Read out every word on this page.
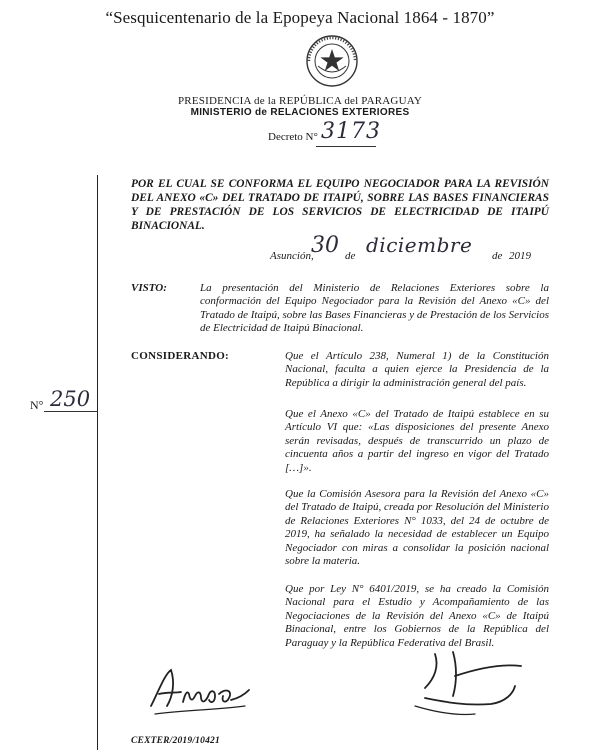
“Sesquicentenario de la Epopeya Nacional 1864 - 1870”
PRESIDENCIA de la REPÚBLICA del PARAGUAY
MINISTERIO de RELACIONES EXTERIORES
Decreto N° 3173
POR EL CUAL SE CONFORMA EL EQUIPO NEGOCIADOR PARA LA REVISIÓN DEL ANEXO «C» DEL TRATADO DE ITAIPÚ, SOBRE LAS BASES FINANCIERAS Y DE PRESTACIÓN DE LOS SERVICIOS DE ELECTRICIDAD DE ITAIPÚ BINACIONAL.
Asunción,
30 de diciembre de 2019
VISTO:	La presentación del Ministerio de Relaciones Exteriores sobre la conformación del Equipo Negociador para la Revisión del Anexo «C» del Tratado de Itaipú, sobre las Bases Financieras y de Prestación de los Servicios de Electricidad de Itaipú Binacional.
CONSIDERANDO:	Que el Artículo 238, Numeral 1) de la Constitución Nacional, faculta a quien ejerce la Presidencia de la República a dirigir la administración general del país.
Que el Anexo «C» del Tratado de Itaipú establece en su Artículo VI que: «Las disposiciones del presente Anexo serán revisadas, después de transcurrido un plazo de cincuenta años a partir del ingreso en vigor del Tratado […]».
Que la Comisión Asesora para la Revisión del Anexo «C» del Tratado de Itaipú, creada por Resolución del Ministerio de Relaciones Exteriores N° 1033, del 24 de octubre de 2019, ha señalado la necesidad de establecer un Equipo Negociador con miras a consolidar la posición nacional sobre la materia.
Que por Ley N° 6401/2019, se ha creado la Comisión Nacional para el Estudio y Acompañamiento de las Negociaciones de la Revisión del Anexo «C» de Itaipú Binacional, entre los Gobiernos de la República del Paraguay y la República Federativa del Brasil.
N° 250
CEXTER/2019/10421
